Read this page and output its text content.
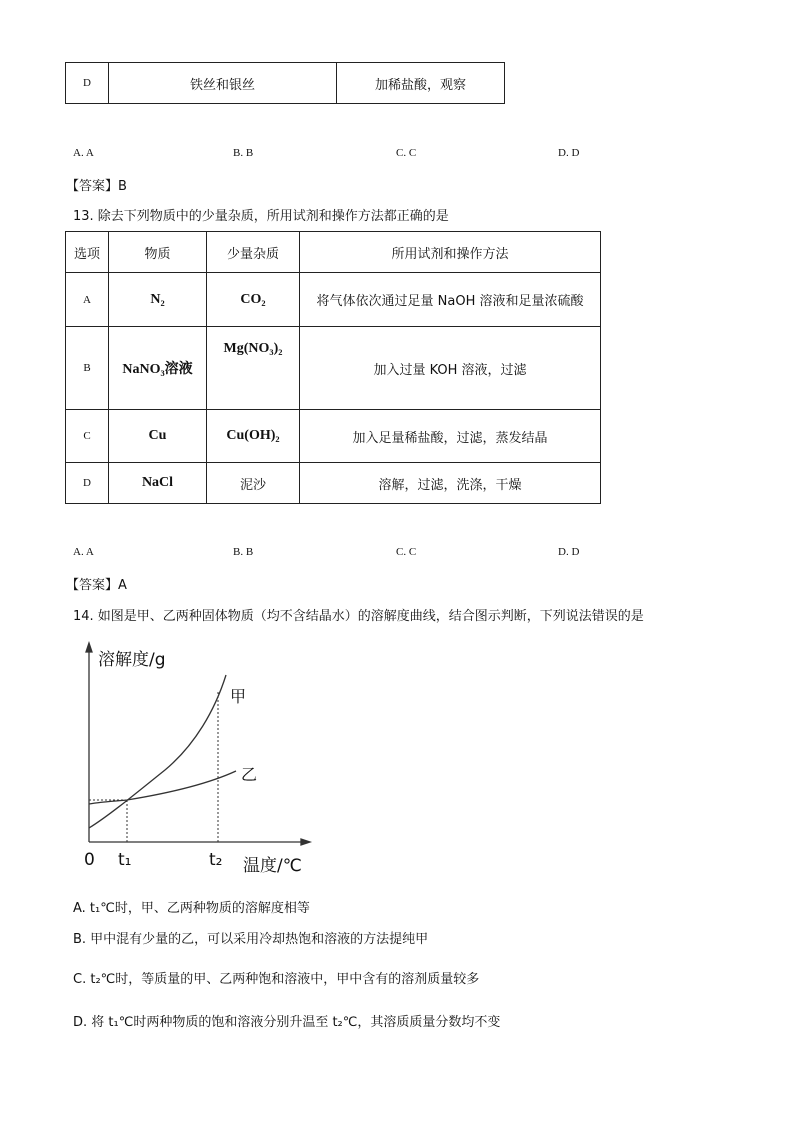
D	铁丝和银丝	加稀盐酸，观察
A. A	B. B	C. C	D. D
【答案】B
13. 除去下列物质中的少量杂质，所用试剂和操作方法都正确的是
选项	物质	少量杂质	所用试剂和操作方法
A	N₂	CO₂	将气体依次通过足量 NaOH 溶液和足量浓硫酸
B	NaNO₃溶液	Mg(NO₃)₂	加入过量 KOH 溶液，过滤
C	Cu	Cu(OH)₂	加入足量稀盐酸，过滤，蒸发结晶
D	NaCl	泥沙	溶解，过滤，洗涤，干燥
A. A	B. B	C. C	D. D
【答案】A
14. 如图是甲、乙两种固体物质（均不含结晶水）的溶解度曲线，结合图示判断，下列说法错误的是
溶解度/g
温度/℃
0 t₁	t₂
甲
乙
A. t₁℃时，甲、乙两种物质的溶解度相等
B. 甲中混有少量的乙，可以采用冷却热饱和溶液的方法提纯甲
C. t₂℃时，等质量的甲、乙两种饱和溶液中，甲中含有的溶剂质量较多
D. 将 t₁℃时两种物质的饱和溶液分别升温至 t₂℃，其溶质质量分数均不变
